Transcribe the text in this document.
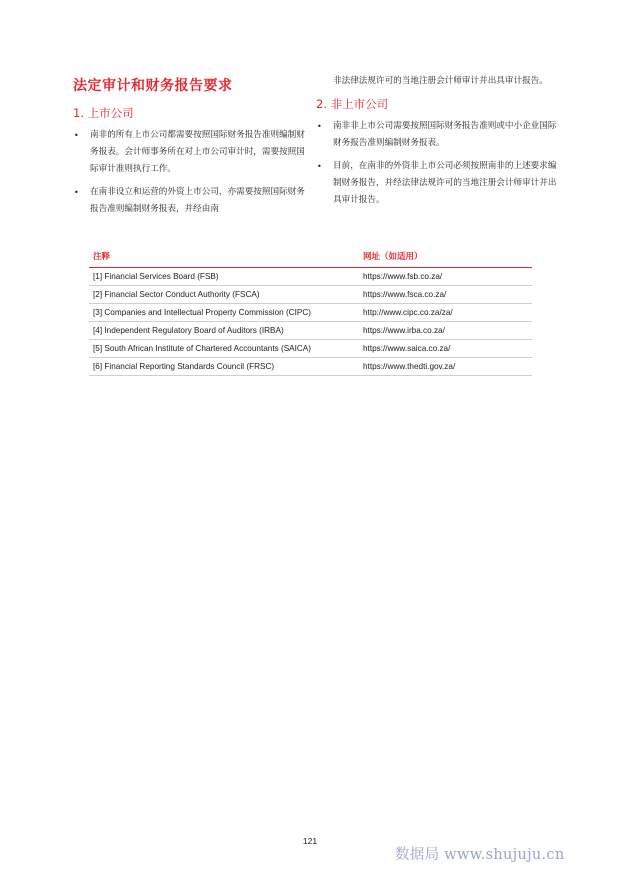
法定审计和财务报告要求
1. 上市公司
• 南非的所有上市公司都需要按照国际财务报告准则编制财务报表。会计师事务所在对上市公司审计时，需要按照国际审计准则执行工作。
• 在南非设立和运营的外资上市公司，亦需要按照国际财务报告准则编制财务报表，并经由南
非法律法规许可的当地注册会计师审计并出具审计报告。
2. 非上市公司
• 南非非上市公司需要按照国际财务报告准则或中小企业国际财务报告准则编制财务报表。
• 目前，在南非的外资非上市公司必须按照南非的上述要求编制财务报告，并经法律法规许可的当地注册会计师审计并出具审计报告。
注释	网址（如适用）
[1] Financial Services Board (FSB)	https://www.fsb.co.za/
[2] Financial Sector Conduct Authority (FSCA)	https://www.fsca.co.za/
[3] Companies and Intellectual Property Commission (CIPC)	http://www.cipc.co.za/za/
[4] Independent Regulatory Board of Auditors (IRBA)	https://www.irba.co.za/
[5] South African Institute of Chartered Accountants (SAICA)	https://www.saica.co.za/
[6] Financial Reporting Standards Council (FRSC)	https://www.thedti.gov.za/
121
数据局 www.shujuju.cn
